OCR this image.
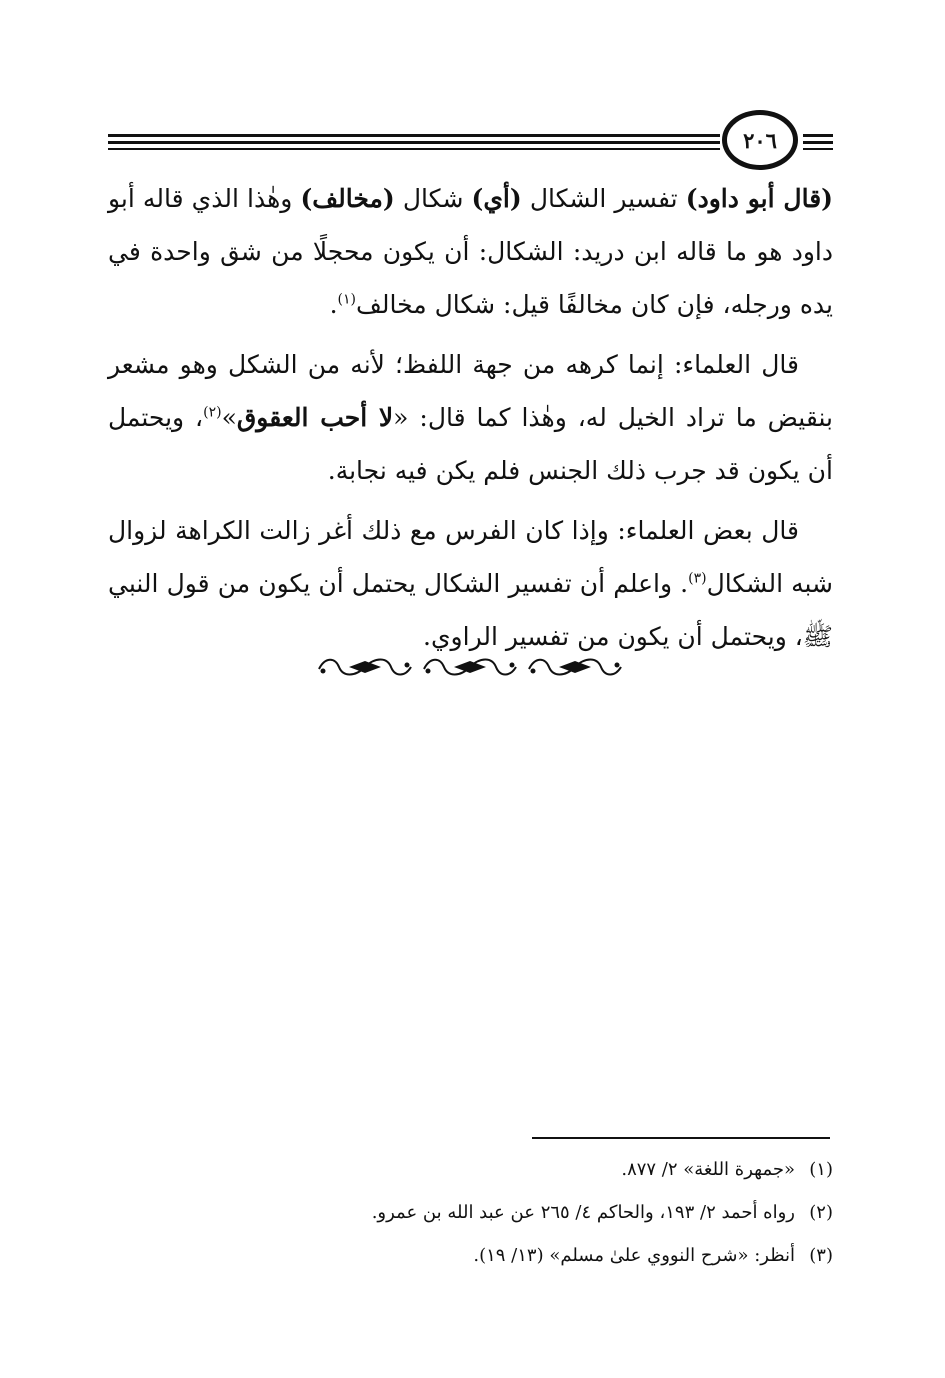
٢٠٦

(قال أبو داود) تفسير الشكال (أي) شكال (مخالف) وهٰذا الذي قاله أبو داود هو ما قاله ابن دريد: الشكال: أن يكون محجلًا من شق واحدة في يده ورجله، فإن كان مخالفًا قيل: شكال مخالف$^{(١)}$.

قال العلماء: إنما كرهه من جهة اللفظ؛ لأنه من الشكل وهو مشعر بنقيض ما تراد الخيل له، وهٰذا كما قال: «لا أحب العقوق»$^{(٢)}$، ويحتمل أن يكون قد جرب ذلك الجنس فلم يكن فيه نجابة.

قال بعض العلماء: وإذا كان الفرس مع ذلك أغر زالت الكراهة لزوال شبه الشكال$^{(٣)}$. واعلم أن تفسير الشكال يحتمل أن يكون من قول النبي ﷺ، ويحتمل أن يكون من تفسير الراوي.

(١)«جمهرة اللغة» ٢/ ٨٧٧.

(٢)رواه أحمد ٢/ ١٩٣، والحاكم ٤/ ٢٦٥ عن عبد الله بن عمرو.

(٣)أنظر: «شرح النووي علىٰ مسلم» (١٣/ ١٩).
